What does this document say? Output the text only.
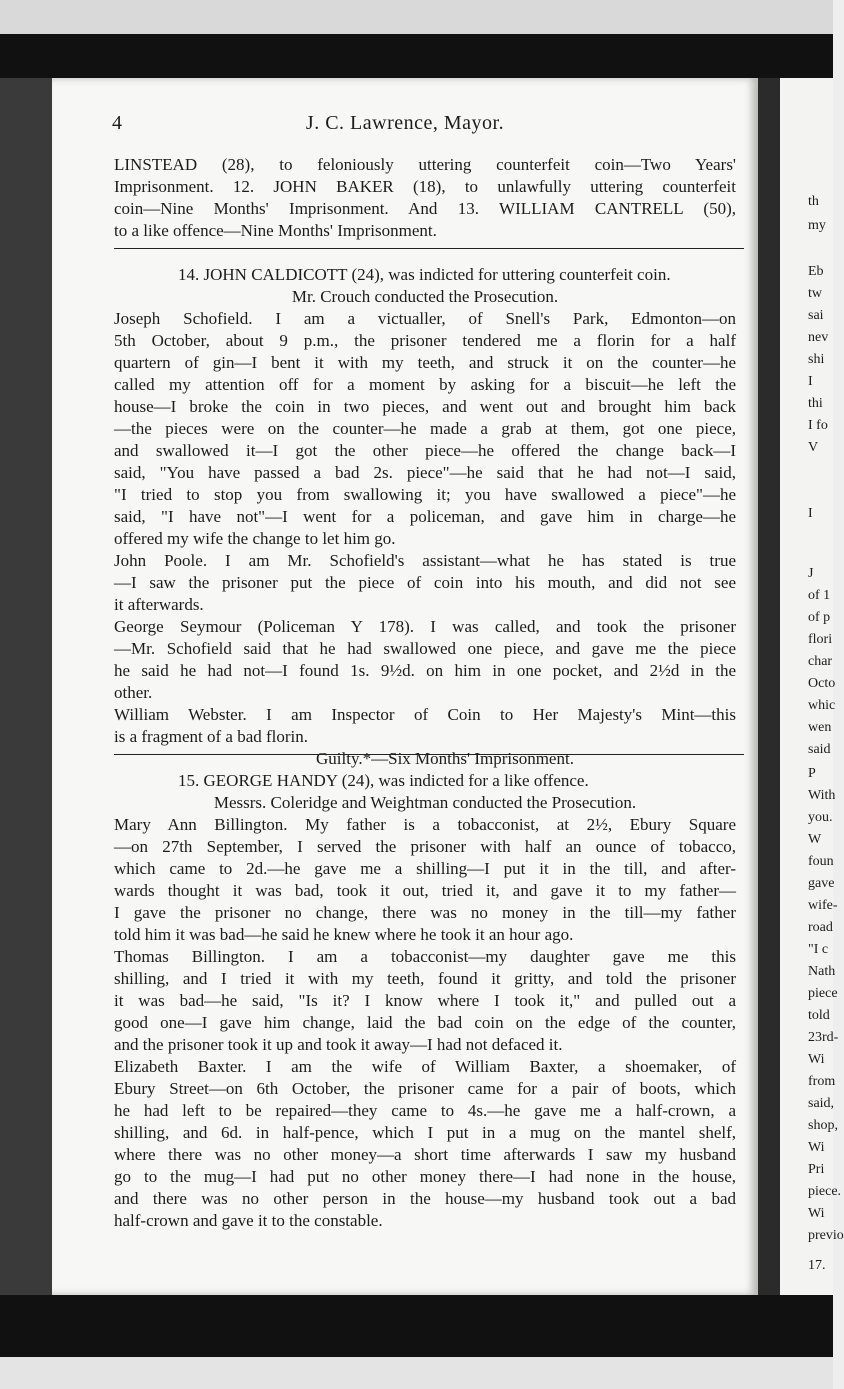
4	J. C. Lawrence, Mayor.
LINSTEAD (28), to feloniously uttering counterfeit coin—Two Years'
Imprisonment. 12. JOHN BAKER (18), to unlawfully uttering counterfeit
coin—Nine Months' Imprisonment. And 13. WILLIAM CANTRELL (50),
to a like offence—Nine Months' Imprisonment.
14. JOHN CALDICOTT (24), was indicted for uttering counterfeit coin.
Mr. Crouch conducted the Prosecution.
Joseph Schofield. I am a victualler, of Snell's Park, Edmonton—on
5th October, about 9 p.m., the prisoner tendered me a florin for a half
quartern of gin—I bent it with my teeth, and struck it on the counter—he
called my attention off for a moment by asking for a biscuit—he left the
house—I broke the coin in two pieces, and went out and brought him back
—the pieces were on the counter—he made a grab at them, got one piece,
and swallowed it—I got the other piece—he offered the change back—I
said, "You have passed a bad 2s. piece"—he said that he had not—I said,
"I tried to stop you from swallowing it; you have swallowed a piece"—he
said, "I have not"—I went for a policeman, and gave him in charge—he
offered my wife the change to let him go.
John Poole. I am Mr. Schofield's assistant—what he has stated is true
—I saw the prisoner put the piece of coin into his mouth, and did not see
it afterwards.
George Seymour (Policeman Y 178). I was called, and took the prisoner
—Mr. Schofield said that he had swallowed one piece, and gave me the piece
he said he had not—I found 1s. 9½d. on him in one pocket, and 2½d in the
other.
William Webster. I am Inspector of Coin to Her Majesty's Mint—this
is a fragment of a bad florin.
Guilty.*—Six Months' Imprisonment.
15. GEORGE HANDY (24), was indicted for a like offence.
Messrs. Coleridge and Weightman conducted the Prosecution.
Mary Ann Billington. My father is a tobacconist, at 2½, Ebury Square
—on 27th September, I served the prisoner with half an ounce of tobacco,
which came to 2d.—he gave me a shilling—I put it in the till, and after-
wards thought it was bad, took it out, tried it, and gave it to my father—
I gave the prisoner no change, there was no money in the till—my father
told him it was bad—he said he knew where he took it an hour ago.
Thomas Billington. I am a tobacconist—my daughter gave me this
shilling, and I tried it with my teeth, found it gritty, and told the prisoner
it was bad—he said, "Is it? I know where I took it," and pulled out a
good one—I gave him change, laid the bad coin on the edge of the counter,
and the prisoner took it up and took it away—I had not defaced it.
Elizabeth Baxter. I am the wife of William Baxter, a shoemaker, of
Ebury Street—on 6th October, the prisoner came for a pair of boots, which
he had left to be repaired—they came to 4s.—he gave me a half-crown, a
shilling, and 6d. in half-pence, which I put in a mug on the mantel shelf,
where there was no other money—a short time afterwards I saw my husband
go to the mug—I had put no other money there—I had none in the house,
and there was no other person in the house—my husband took out a bad
half-crown and gave it to the constable.
th
my
Eb
tw
sai
nev
shi
I
thi
I fo
V
I
J
of 1
of p
flori
char
Octo
whic
wen
said
P
With
you.
W
foun
gave
wife-
road
"I c
Nath
piece
told
23rd-
Wi
from
said,
shop,
Wi
Pri
piece.
Wi
previo
17.
